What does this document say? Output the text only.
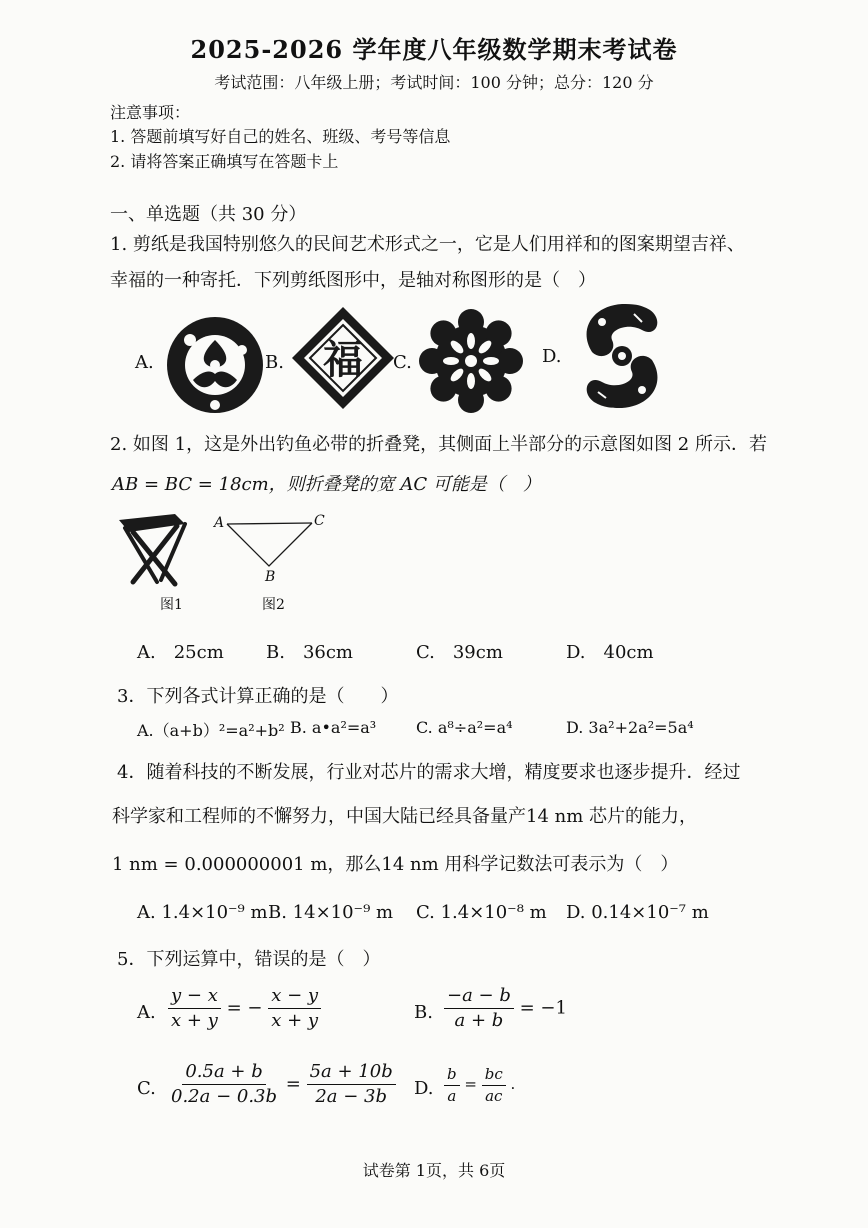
2025-2026 学年度八年级数学期末考试卷
考试范围：八年级上册；考试时间：100 分钟；总分：120 分
注意事项：
1. 答题前填写好自己的姓名、班级、考号等信息
2. 请将答案正确填写在答题卡上
一、单选题（共 30 分）
1. 剪纸是我国特别悠久的民间艺术形式之一，它是人们用祥和的图案期望吉祥、
幸福的一种寄托．下列剪纸图形中，是轴对称图形的是（　）
A.	B. 福 C.	D.
2. 如图 1，这是外出钓鱼必带的折叠凳，其侧面上半部分的示意图如图 2 所示．若
AB = BC = 18cm，则折叠凳的宽 AC 可能是（　）
图1
A	C
B
图2
A.　25cm B.　36cm	C.　39cm	D.　40cm
3．下列各式计算正确的是（　　）
A.（a+b）²=a²+b² B. a•a²=a³ C. a⁸÷a²=a⁴	D. 3a²+2a²=5a⁴
4．随着科技的不断发展，行业对芯片的需求大增，精度要求也逐步提升．经过
科学家和工程师的不懈努力，中国大陆已经具备量产14 nm 芯片的能力，
1 nm = 0.000000001 m，那么14 nm 用科学记数法可表示为（　）
A. 1.4×10⁻⁹ m B. 14×10⁻⁹ m C. 1.4×10⁻⁸ m D. 0.14×10⁻⁷ m
5．下列运算中，错误的是（　）
A. $\frac{y - x}{x + y}$ = − $\frac{x - y}{x + y}$	B. $\frac{-a - b}{a + b} = -1$
C. $\frac{0.5a + b}{0.2a - 0.3b} = \frac{5a + 10b}{2a - 3b} D$. $\frac{b}{a} = \frac{bc}{ac}$ .
试卷第 1页，共 6页
